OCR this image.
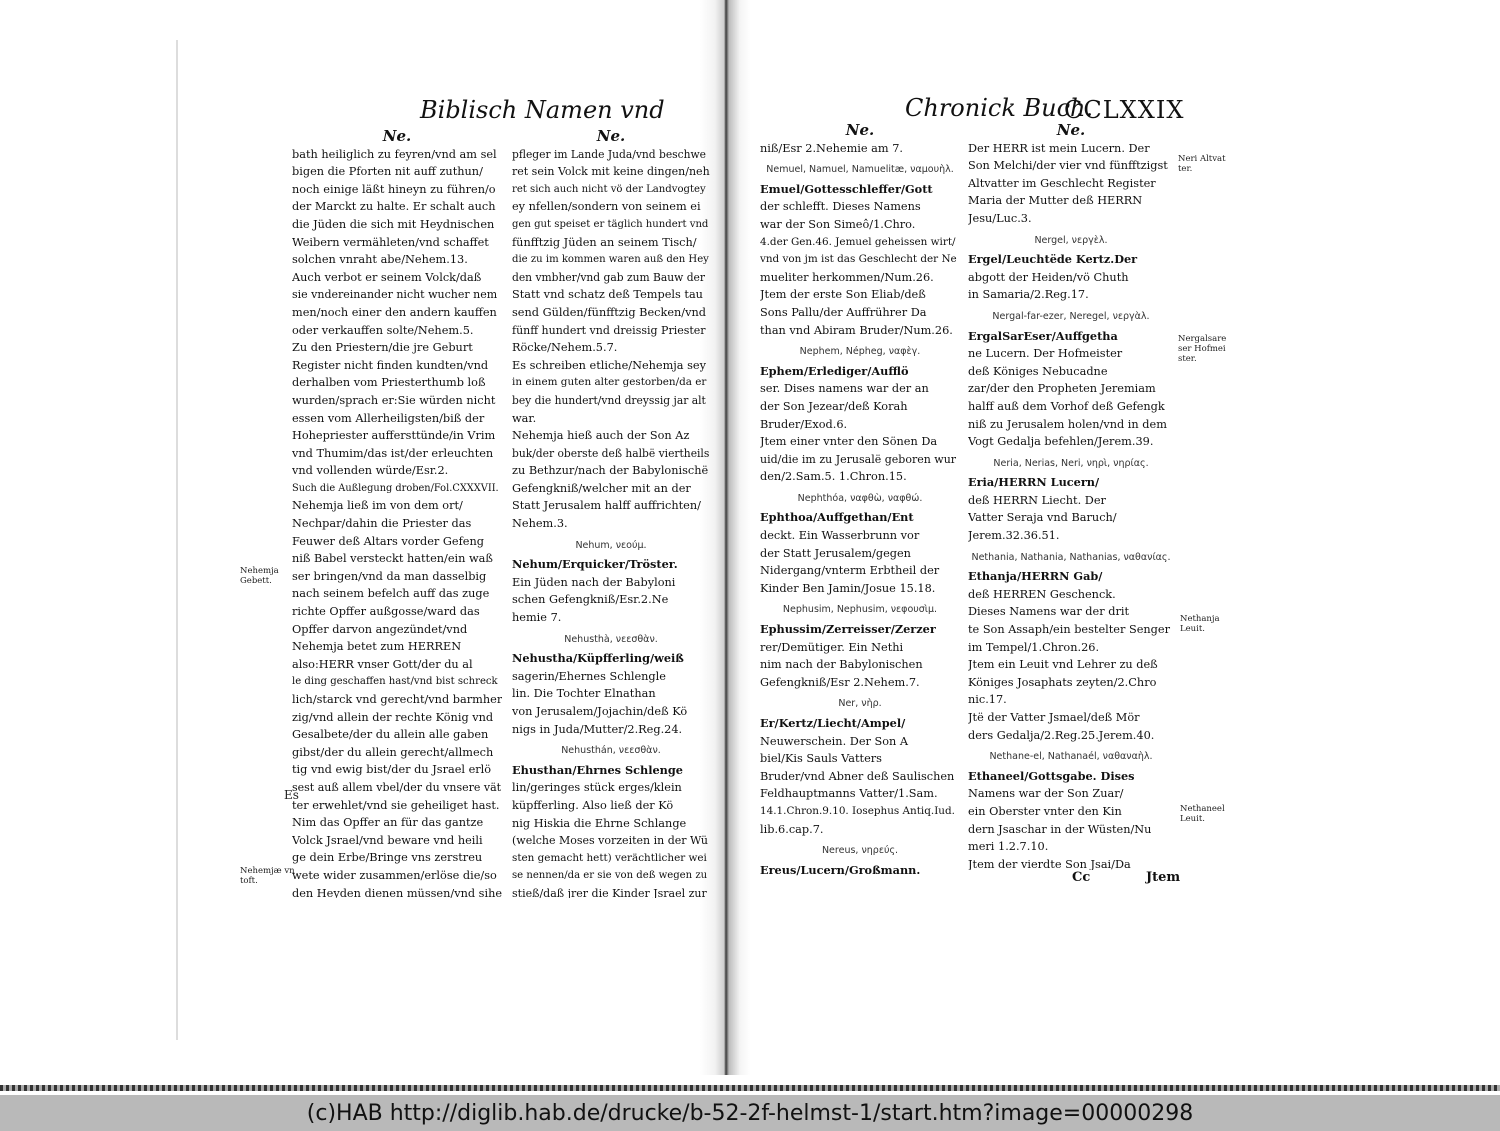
Biblisch Namen vnd
Ne.
bath heiliglich zu feyren/vnd am sel
bigen die Pforten nit auff zuthun/
noch einige läßt hineyn zu führen/o
der Marckt zu halte. Er schalt auch
die Jüden die sich mit Heydnischen
Weibern vermähleten/vnd schaffet
solchen vnraht abe/Nehem.13.
Auch verbot er seinem Volck/daß
sie vndereinander nicht wucher nem
men/noch einer den andern kauffen
oder verkauffen solte/Nehem.5.
Zu den Priestern/die jre Geburt
Register nicht finden kundten/vnd
derhalben vom Priesterthumb loß
wurden/sprach er:Sie würden nicht
essen vom Allerheiligsten/biß der
Hohepriester auffersttünde/in Vrim
vnd Thumim/das ist/der erleuchten
vnd vollenden würde/Esr.2.
Such die Außlegung droben/Fol.CXXXVII.
Nehemja ließ im von dem ort/
Nechpar/dahin die Priester das
Feuwer deß Altars vorder Gefeng
niß Babel versteckt hatten/ein waß
ser bringen/vnd da man dasselbig
nach seinem befelch auff das zuge
richte Opffer außgosse/ward das
Opffer darvon angezündet/vnd
Nehemja betet zum HERREN
also:HERR vnser Gott/der du al
le ding geschaffen hast/vnd bist schreck
lich/starck vnd gerecht/vnd barmher
zig/vnd allein der rechte König vnd
Gesalbete/der du allein alle gaben
gibst/der du allein gerecht/allmech
tig vnd ewig bist/der du Jsrael erlö
sest auß allem vbel/der du vnsere vät
ter erwehlet/vnd sie geheiliget hast.
Nim das Opffer an für das gantze
Volck Jsrael/vnd beware vnd heili
ge dein Erbe/Bringe vns zerstreu
wete wider zusammen/erlöse die/so
den Heyden dienen müssen/vnd sihe
Ne.
pfleger im Lande Juda/vnd beschwe
ret sein Volck mit keine dingen/neh
ret sich auch nicht vö der Landvogtey
ey nfellen/sondern von seinem ei
gen gut speiset er täglich hundert vnd
fünfftzig Jüden an seinem Tisch/
die zu im kommen waren auß den Hey
den vmbher/vnd gab zum Bauw der
Statt vnd schatz deß Tempels tau
send Gülden/fünfftzig Becken/vnd
fünff hundert vnd dreissig Priester
Röcke/Nehem.5.7.
Es schreiben etliche/Nehemja sey
in einem guten alter gestorben/da er
bey die hundert/vnd dreyssig jar alt
war.
Nehemja hieß auch der Son Az
buk/der oberste deß halbë viertheils
zu Bethzur/nach der Babylonischë
Gefengkniß/welcher mit an der
Statt Jerusalem halff auffrichten/
Nehem.3.
Nehum, νεούμ.
Nehum/Erquicker/Tröster.
Ein Jüden nach der Babyloni
schen Gefengkniß/Esr.2.Ne
hemie 7.
Nehusthà, νεεσθὰν.
Nehustha/Küpfferling/weiß
sagerin/Ehernes Schlengle
lin. Die Tochter Elnathan
von Jerusalem/Jojachin/deß Kö
nigs in Juda/Mutter/2.Reg.24.
Nehusthán, νεεσθὰν.
Ehusthan/Ehrnes Schlenge
lin/geringes stück erges/klein
küpfferling. Also ließ der Kö
nig Hiskia die Ehrne Schlange
(welche Moses vorzeiten in der Wü
sten gemacht hett) verächtlicher wei
se nennen/da er sie von deß wegen zu
stieß/daß jrer die Kinder Jsrael zur
Nehemja
Gebett.
Nehemjæ vn
toft.
Es
Chronick Buch.
CCLXXIX
Ne.
niß/Esr 2.Nehemie am 7.
Nemuel, Namuel, Namuelitæ, ναμουὴλ.
Emuel/Gottesschleffer/Gott
der schlefft. Dieses Namens
war der Son Simeô/1.Chro.
4.der Gen.46. Jemuel geheissen wirt/
vnd von jm ist das Geschlecht der Ne
mueliter herkommen/Num.26.
Jtem der erste Son Eliab/deß
Sons Pallu/der Auffrührer Da
than vnd Abiram Bruder/Num.26.
Nephem, Népheg, ναφὲγ.
Ephem/Erlediger/Aufflö
ser. Dises namens war der an
der Son Jezear/deß Korah
Bruder/Exod.6.
Jtem einer vnter den Sönen Da
uid/die im zu Jerusalë geboren wur
den/2.Sam.5. 1.Chron.15.
Nephthóa, ναφθὼ, ναφθώ.
Ephthoa/Auffgethan/Ent
deckt. Ein Wasserbrunn vor
der Statt Jerusalem/gegen
Nidergang/vnterm Erbtheil der
Kinder Ben Jamin/Josue 15.18.
Nephusim, Nephusim, νεφουσὶμ.
Ephussim/Zerreisser/Zerzer
rer/Demütiger. Ein Nethi
nim nach der Babylonischen
Gefengkniß/Esr 2.Nehem.7.
Ner, νὴρ.
Er/Kertz/Liecht/Ampel/
Neuwerschein. Der Son A
biel/Kis Sauls Vatters
Bruder/vnd Abner deß Saulischen
Feldhauptmanns Vatter/1.Sam.
14.1.Chron.9.10. Iosephus Antiq.Iud.
lib.6.cap.7.
Nereus, νηρεύς.
Ereus/Lucern/Großmann.
Ne.
Der HERR ist mein Lucern. Der
Son Melchi/der vier vnd fünfftzigst
Altvatter im Geschlecht Register
Maria der Mutter deß HERRN
Jesu/Luc.3.
Nergel, νεργὲλ.
Ergel/Leuchtëde Kertz.Der
abgott der Heiden/vö Chuth
in Samaria/2.Reg.17.
Nergal-far-ezer, Neregel, νεργὰλ.
ErgalSarEser/Auffgetha
ne Lucern. Der Hofmeister
deß Königes Nebucadne
zar/der den Propheten Jeremiam
halff auß dem Vorhof deß Gefengk
niß zu Jerusalem holen/vnd in dem
Vogt Gedalja befehlen/Jerem.39.
Neria, Nerias, Neri, νηρὶ, νηρίας.
Eria/HERRN Lucern/
deß HERRN Liecht. Der
Vatter Seraja vnd Baruch/
Jerem.32.36.51.
Nethania, Nathania, Nathanias, ναθανίας.
Ethanja/HERRN Gab/
deß HERREN Geschenck.
Dieses Namens war der drit
te Son Assaph/ein bestelter Senger
im Tempel/1.Chron.26.
Jtem ein Leuit vnd Lehrer zu deß
Königes Josaphats zeyten/2.Chro
nic.17.
Jtë der Vatter Jsmael/deß Mör
ders Gedalja/2.Reg.25.Jerem.40.
Nethane-el, Nathanaél, ναθαναὴλ.
Ethaneel/Gottsgabe. Dises
Namens war der Son Zuar/
ein Oberster vnter den Kin
dern Jsaschar in der Wüsten/Nu
meri 1.2.7.10.
Jtem der vierdte Son Jsai/Da
Neri Altvat
ter.
Nergalsare
ser Hofmei
ster.
Nethanja
Leuit.
Nethaneel
Leuit.
Cc	Jtem
(c)HAB http://diglib.hab.de/drucke/b-52-2f-helmst-1/start.htm?image=00000298
